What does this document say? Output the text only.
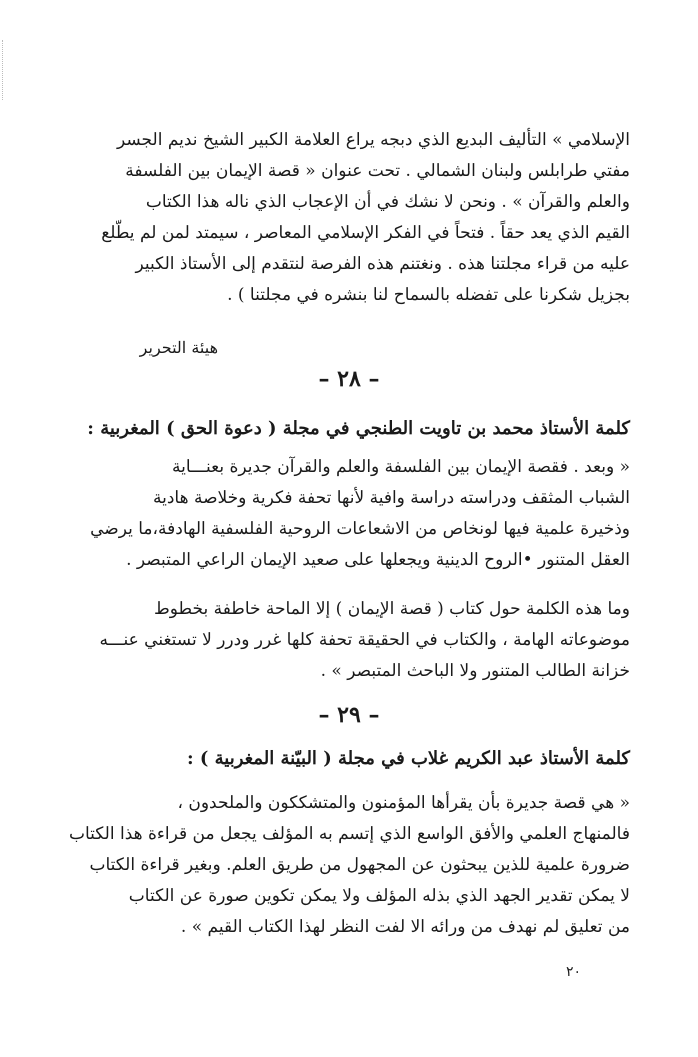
الإسلامي » التأليف البديع الذي دبجه يراع العلامة الكبير الشيخ نديم الجسر
مفتي طرابلس ولبنان الشمالي . تحت عنوان « قصة الإيمان بين الفلسفة
والعلم والقرآن » . ونحن لا نشك في أن الإعجاب الذي ناله هذا الكتاب
القيم الذي يعد حقاً . فتحاً في الفكر الإسلامي المعاصر ، سيمتد لمن لم يطّلع
عليه من قراء مجلتنا هذه . ونغتنم هذه الفرصة لنتقدم إلى الأستاذ الكبير
بجزيل شكرنا على تفضله بالسماح لنا بنشره في مجلتنا ) .
هيئة التحرير
– ٢٨ –
كلمة الأستاذ محمد بن تاويت الطنجي في مجلة ( دعوة الحق ) المغربية :
« وبعد . فقصة الإيمان بين الفلسفة والعلم والقرآن جديرة بعنـــاية
الشباب المثقف ودراسته دراسة وافية لأنها تحفة فكرية وخلاصة هادية
وذخيرة علمية فيها لونخاص من الاشعاعات الروحية الفلسفية الهادفة،ما يرضي
العقل المتنور •الروح الدينية ويجعلها على صعيد الإيمان الراعي المتبصر .
وما هذه الكلمة حول كتاب ( قصة الإيمان ) إلا الماحة خاطفة بخطوط
موضوعاته الهامة ، والكتاب في الحقيقة تحفة كلها غرر ودرر لا تستغني عنـــه
خزانة الطالب المتنور ولا الباحث المتبصر » .
– ٢٩ –
كلمة الأستاذ عبد الكريم غلاب في مجلة ( البيّنة المغربية ) :
« هي قصة جديرة بأن يقرأها المؤمنون والمتشككون والملحدون ،
فالمنهاج العلمي والأفق الواسع الذي إتسم به المؤلف يجعل من قراءة هذا الكتاب
ضرورة علمية للذين يبحثون عن المجهول من طريق العلم. وبغير قراءة الكتاب
لا يمكن تقدير الجهد الذي بذله المؤلف ولا يمكن تكوين صورة عن الكتاب
من تعليق لم نهدف من ورائه الا لفت النظر لهذا الكتاب القيم » .
٢٠
